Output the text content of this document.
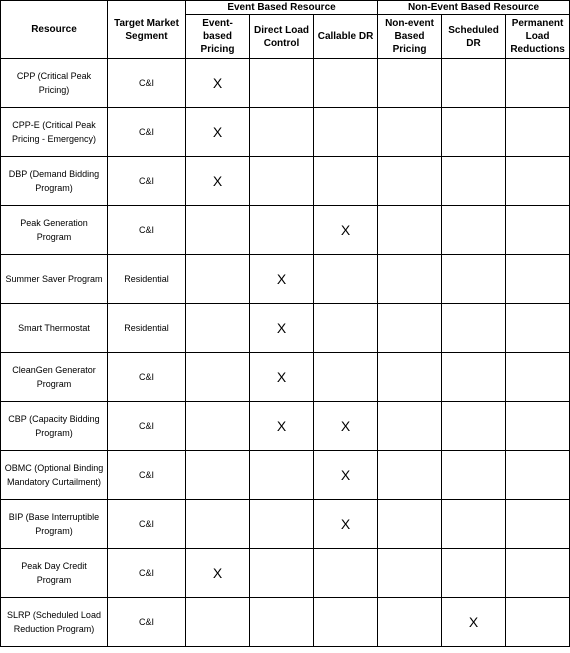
Resource	Target Market Segment	Event Based Resource			Non-Event Based Resource		
		Event-based Pricing	Direct Load Control	Callable DR	Non-event Based Pricing	Scheduled DR	Permanent Load Reductions
CPP (Critical Peak Pricing)	C&I	X					
CPP-E (Critical Peak Pricing - Emergency)	C&I	X					
DBP (Demand Bidding Program)	C&I	X					
Peak Generation Program	C&I			X			
Summer Saver Program	Residential		X				
Smart Thermostat	Residential		X				
CleanGen Generator Program	C&I		X				
CBP (Capacity Bidding Program)	C&I		X	X			
OBMC (Optional Binding Mandatory Curtailment)	C&I			X			
BIP (Base Interruptible Program)	C&I			X			
Peak Day Credit Program	C&I	X					
SLRP (Scheduled Load Reduction Program)	C&I					X	
